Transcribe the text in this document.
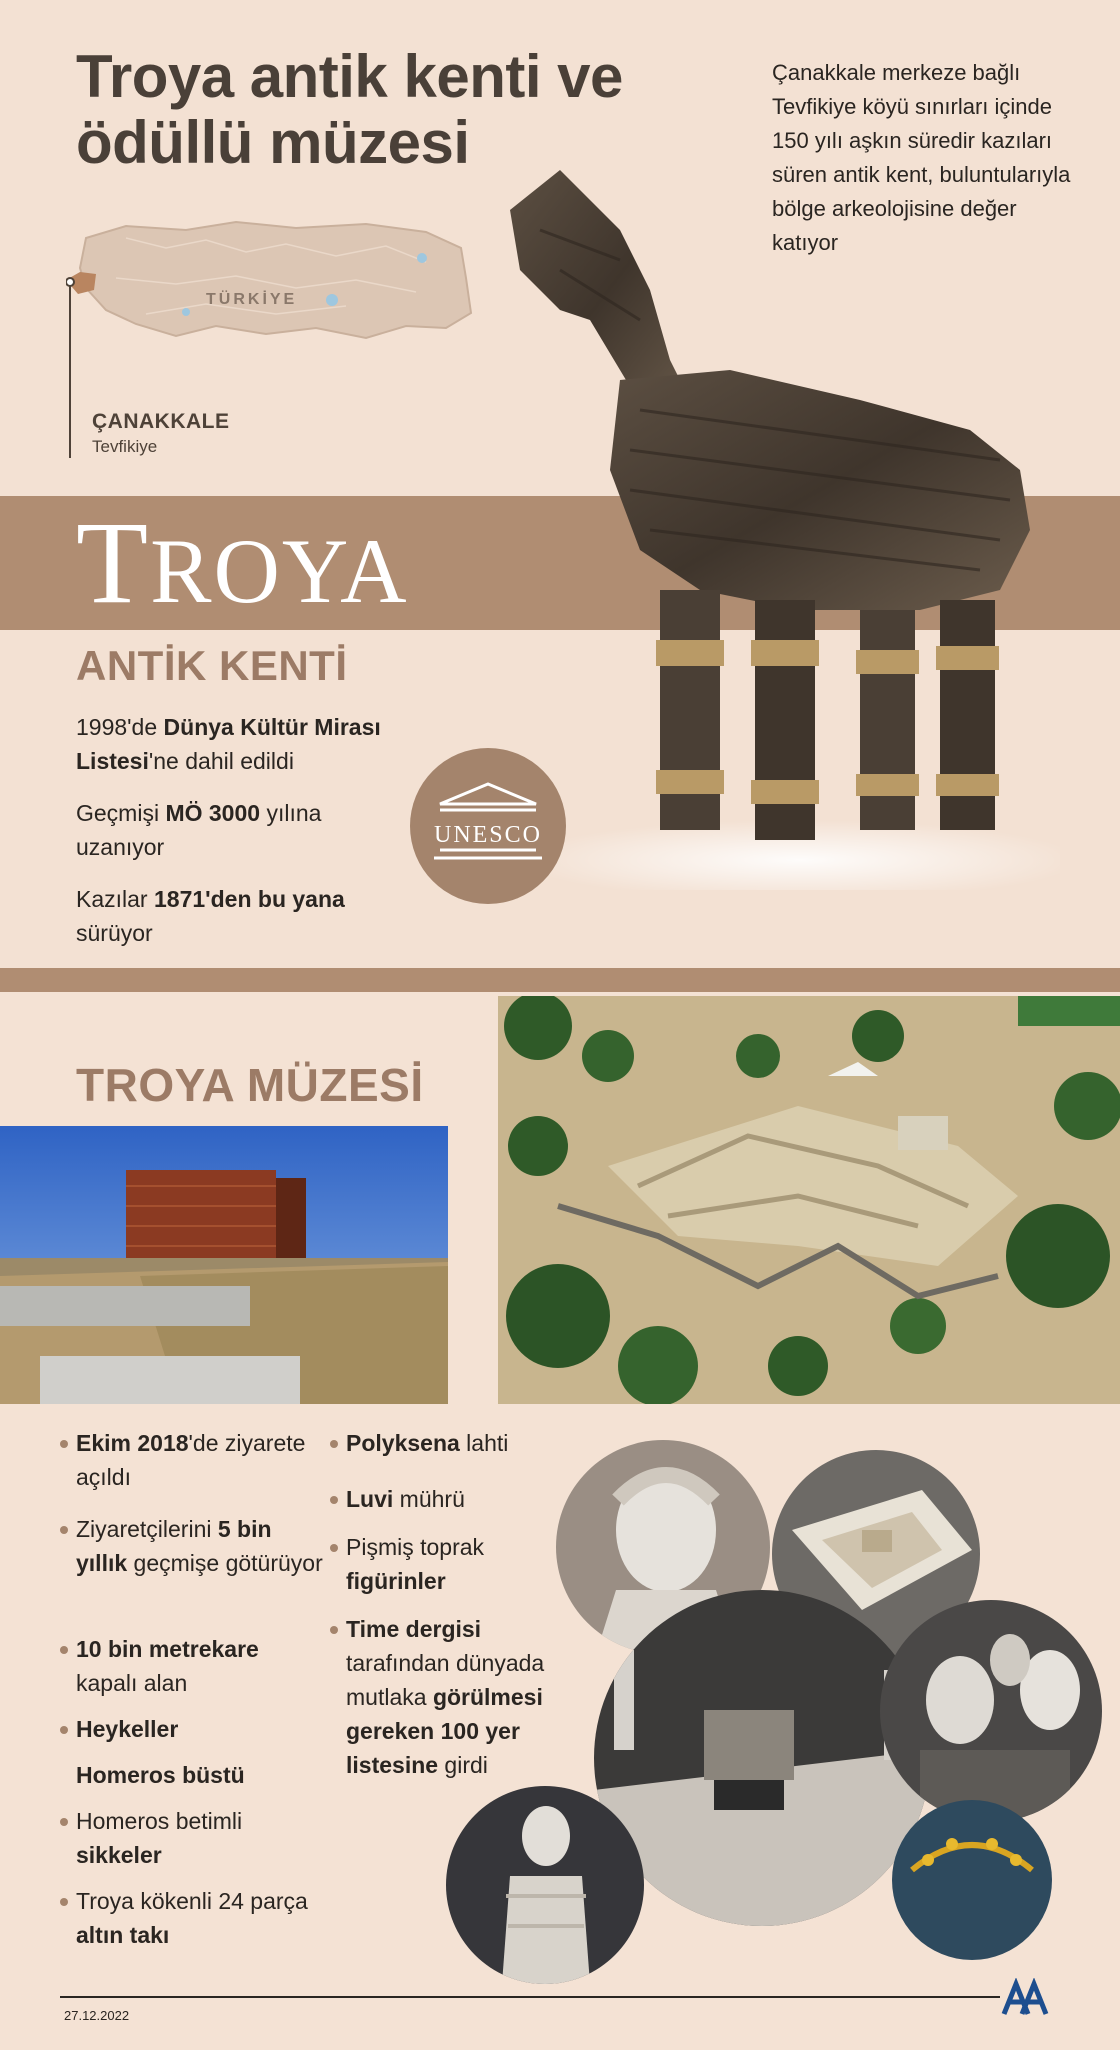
Troya antik kenti ve ödüllü müzesi
Çanakkale merkeze bağlı Tevfikiye köyü sınırları içinde 150 yılı aşkın süredir kazıları süren antik kent, buluntularıyla bölge arkeolojisine değer katıyor
TÜRKİYE
ÇANAKKALE
Tevfikiye
TROYA
ANTİK KENTİ
1998'de Dünya Kültür Mirası Listesi'ne dahil edildi
Geçmişi MÖ 3000 yılına uzanıyor
Kazılar 1871'den bu yana sürüyor
UNESCO
TROYA MÜZESİ
Ekim 2018'de ziyarete açıldı
Ziyaretçilerini 5 bin yıllık geçmişe götürüyor
10 bin metrekare kapalı alan
Heykeller
Homeros büstü
Homeros betimli sikkeler
Troya kökenli 24 parça altın takı
Polyksena lahti
Luvi mührü
Pişmiş toprak figürinler
Time dergisi tarafından dünyada mutlaka görülmesi gereken 100 yer listesine girdi
27.12.2022
